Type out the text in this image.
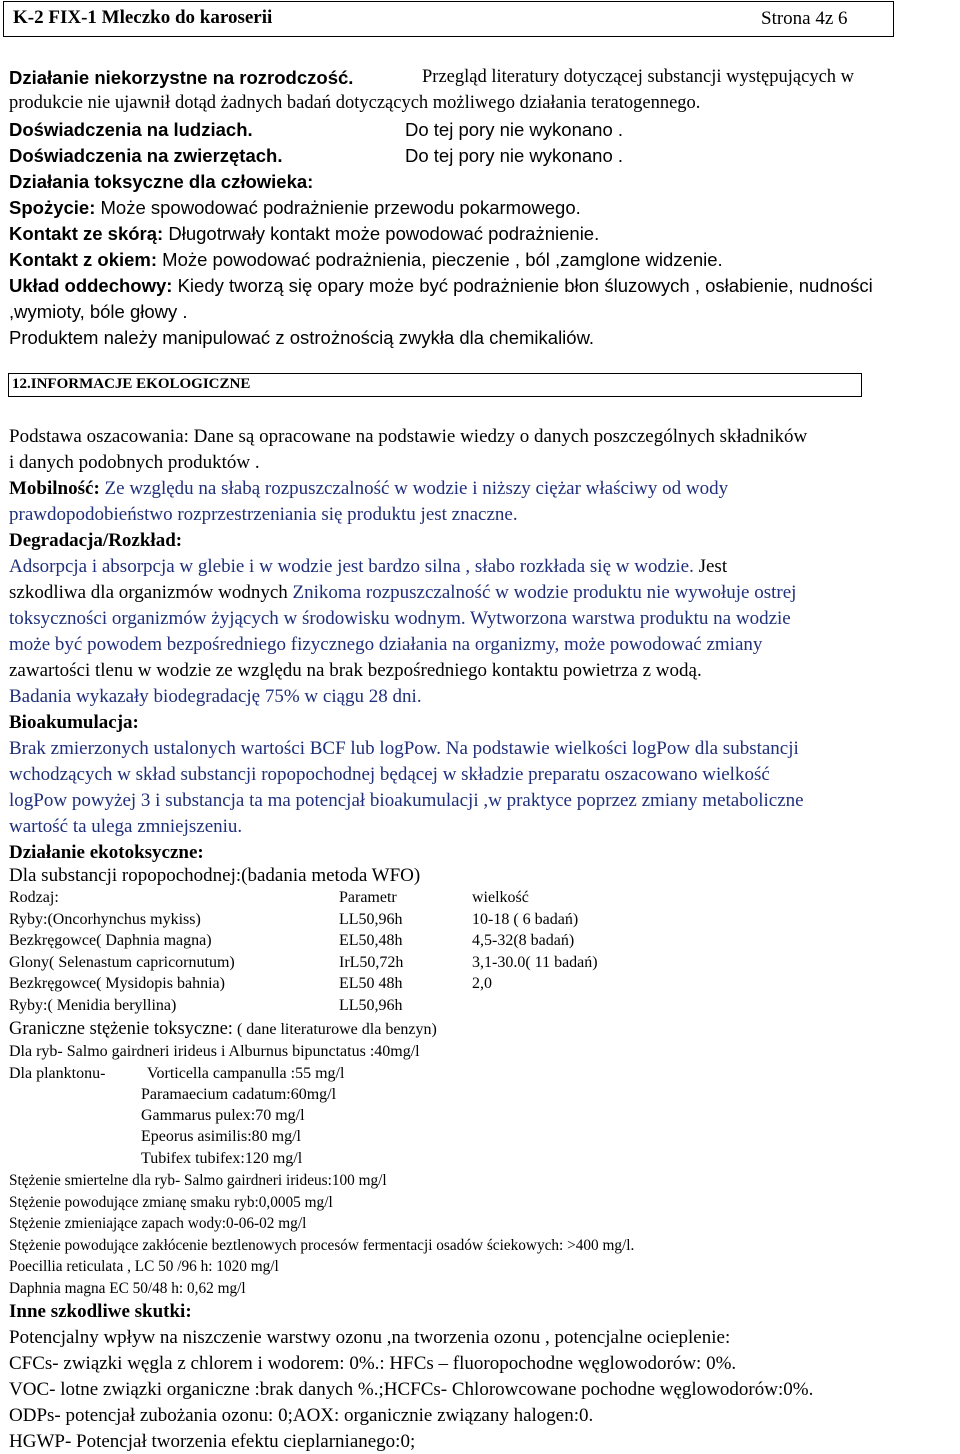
K-2 FIX-1 Mleczko do karoserii	Strona 4z 6
Działanie niekorzystne na rozrodczość.	Przegląd literatury dotyczącej substancji występujących w
produkcie nie ujawnił dotąd żadnych badań dotyczących możliwego działania teratogennego.
Doświadczenia na ludziach.	Do tej pory nie wykonano .
Doświadczenia na zwierzętach.	Do tej pory nie wykonano .
Działania toksyczne dla człowieka:
Spożycie: Może spowodować podrażnienie przewodu pokarmowego.
Kontakt ze skórą: Długotrwały kontakt może powodować podrażnienie.
Kontakt z okiem: Może powodować podrażnienia, pieczenie , ból ,zamglone widzenie.
Układ oddechowy: Kiedy tworzą się opary może być podrażnienie błon śluzowych , osłabienie, nudności
,wymioty, bóle głowy .
Produktem należy manipulować z ostrożnością zwykła dla chemikaliów.
12.INFORMACJE EKOLOGICZNE
Podstawa oszacowania: Dane są opracowane na podstawie wiedzy o danych poszczególnych składników
i danych podobnych produktów .
Mobilność: Ze względu na słabą rozpuszczalność w wodzie i niższy ciężar właściwy od wody
prawdopodobieństwo rozprzestrzeniania się produktu jest znaczne.
Degradacja/Rozkład:
Adsorpcja i absorpcja w glebie i w wodzie jest bardzo silna , słabo rozkłada się w wodzie. Jest
szkodliwa dla organizmów wodnych Znikoma rozpuszczalność w wodzie produktu nie wywołuje ostrej
toksyczności organizmów żyjących w środowisku wodnym. Wytworzona warstwa produktu na wodzie
może być powodem bezpośredniego fizycznego działania na organizmy, może powodować zmiany
zawartości tlenu w wodzie ze względu na brak bezpośredniego kontaktu powietrza z wodą.
Badania wykazały biodegradację 75% w ciągu 28 dni.
Bioakumulacja:
Brak zmierzonych ustalonych wartości BCF lub logPow. Na podstawie wielkości logPow dla substancji
wchodzących w skład substancji ropopochodnej będącej w składzie preparatu oszacowano wielkość
logPow powyżej 3 i substancja ta ma potencjał bioakumulacji ,w praktyce poprzez zmiany metaboliczne
wartość ta ulega zmniejszeniu.
Działanie ekotoksyczne:
Dla substancji ropopochodnej:(badania metoda WFO)
Rodzaj:	Parametr	wielkość
Ryby:(Oncorhynchus mykiss)	LL50,96h	10-18 ( 6 badań)
Bezkręgowce( Daphnia magna)	EL50,48h	4,5-32(8 badań)
Glony( Selenastum capricornutum)	IrL50,72h	3,1-30.0( 11 badań)
Bezkręgowce( Mysidopis bahnia)	EL50 48h	2,0
Ryby:( Menidia beryllina)	LL50,96h
Graniczne stężenie toksyczne: ( dane literaturowe dla benzyn)
Dla ryb- Salmo gairdneri irideus i Alburnus bipunctatus :40mg/l
Dla planktonu-	Vorticella campanulla :55 mg/l
Paramaecium cadatum:60mg/l
Gammarus pulex:70 mg/l
Epeorus asimilis:80 mg/l
Tubifex tubifex:120 mg/l
Stężenie smiertelne dla ryb- Salmo gairdneri irideus:100 mg/l
Stężenie powodujące zmianę smaku ryb:0,0005 mg/l
Stężenie zmieniające zapach wody:0-06-02 mg/l
Stężenie powodujące zakłócenie beztlenowych procesów fermentacji osadów ściekowych: >400 mg/l.
Poecillia reticulata , LC 50 /96 h: 1020 mg/l
Daphnia magna EC 50/48 h: 0,62 mg/l
Inne szkodliwe skutki:
Potencjalny wpływ na niszczenie warstwy ozonu ,na tworzenia ozonu , potencjalne ocieplenie:
CFCs- związki węgla z chlorem i wodorem: 0%.: HFCs – fluoropochodne węglowodorów: 0%.
VOC- lotne związki organiczne :brak danych %.;HCFCs- Chlorowcowane pochodne węglowodorów:0%.
ODPs- potencjał zubożania ozonu: 0;AOX: organicznie związany halogen:0.
HGWP- Potencjał tworzenia efektu cieplarnianego:0;
